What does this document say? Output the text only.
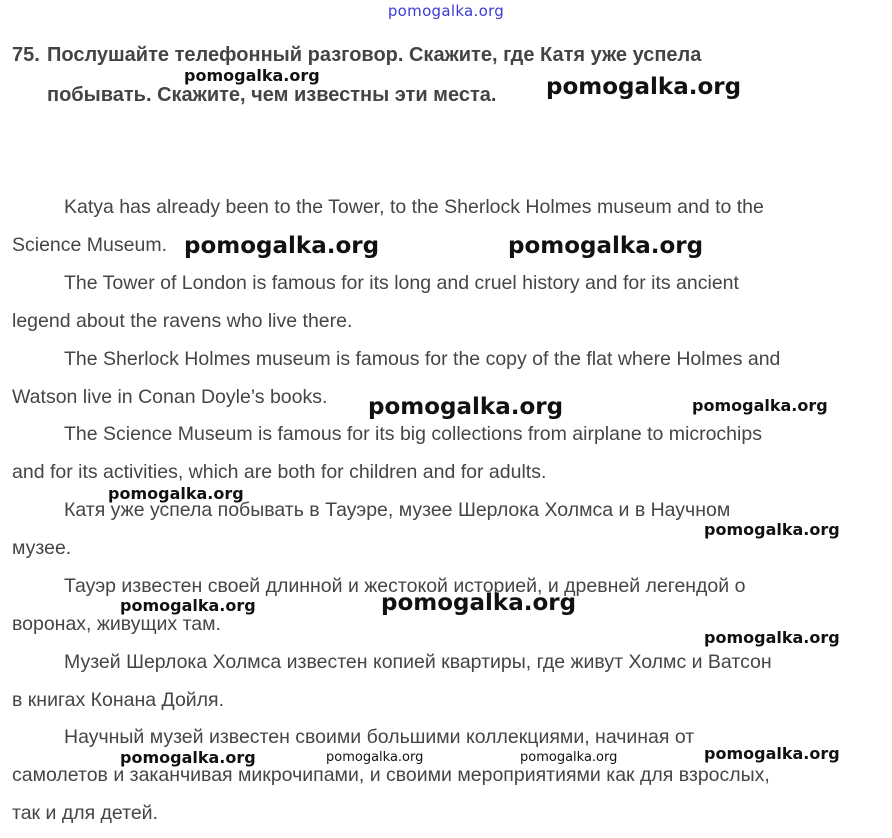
pomogalka.org
75. Послушайте телефонный разговор. Скажите, где Катя уже успела
побывать. Скажите, чем известны эти места.
Katya has already been to the Tower, to the Sherlock Holmes museum and to the
Science Museum.
The Tower of London is famous for its long and cruel history and for its ancient
legend about the ravens who live there.
The Sherlock Holmes museum is famous for the copy of the flat where Holmes and
Watson live in Conan Doyle’s books.
The Science Museum is famous for its big collections from airplane to microchips
and for its activities, which are both for children and for adults.
Катя уже успела побывать в Тауэре, музее Шерлока Холмса и в Научном
музее.
Тауэр известен своей длинной и жестокой историей, и древней легендой о
воронах, живущих там.
Музей Шерлока Холмса известен копией квартиры, где живут Холмс и Ватсон
в книгах Конана Дойля.
Научный музей известен своими большими коллекциями, начиная от
самолетов и заканчивая микрочипами, и своими мероприятиями как для взрослых,
так и для детей.
pomogalka.org	pomogalka.org
pomogalka.org	pomogalka.org
pomogalka.org	pomogalka.org
pomogalka.org
pomogalka.org
pomogalka.org	pomogalka.org
pomogalka.org
pomogalka.org
pomogalka.org	pomogalka.org	pomogalka.org
